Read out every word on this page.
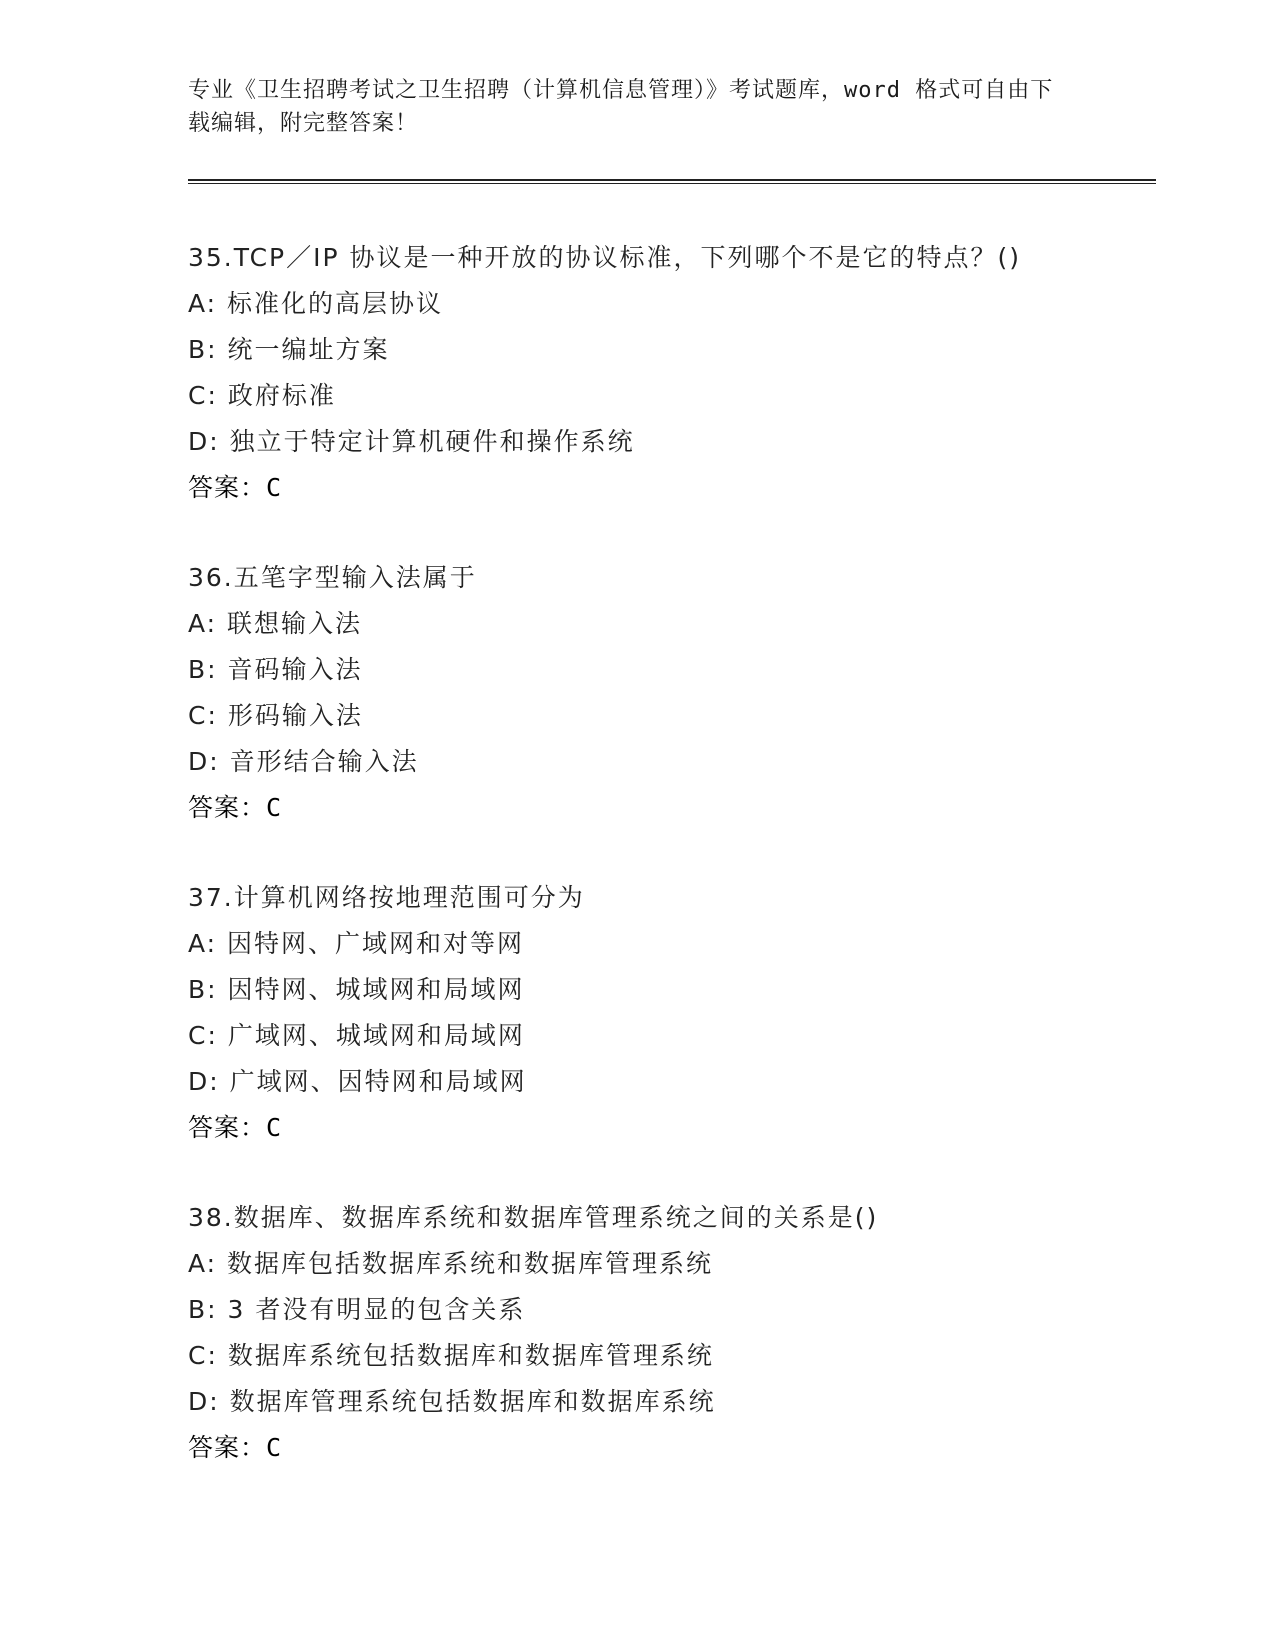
专业《卫生招聘考试之卫生招聘（计算机信息管理）》考试题库，word 格式可自由下载编辑，附完整答案！
35.TCP／IP 协议是一种开放的协议标准，下列哪个不是它的特点？()
A: 标准化的高层协议
B: 统一编址方案
C: 政府标准
D: 独立于特定计算机硬件和操作系统
答案：C
36.五笔字型输入法属于
A: 联想输入法
B: 音码输入法
C: 形码输入法
D: 音形结合输入法
答案：C
37.计算机网络按地理范围可分为
A: 因特网、广域网和对等网
B: 因特网、城域网和局域网
C: 广域网、城域网和局域网
D: 广域网、因特网和局域网
答案：C
38.数据库、数据库系统和数据库管理系统之间的关系是()
A: 数据库包括数据库系统和数据库管理系统
B: 3 者没有明显的包含关系
C: 数据库系统包括数据库和数据库管理系统
D: 数据库管理系统包括数据库和数据库系统
答案：C
